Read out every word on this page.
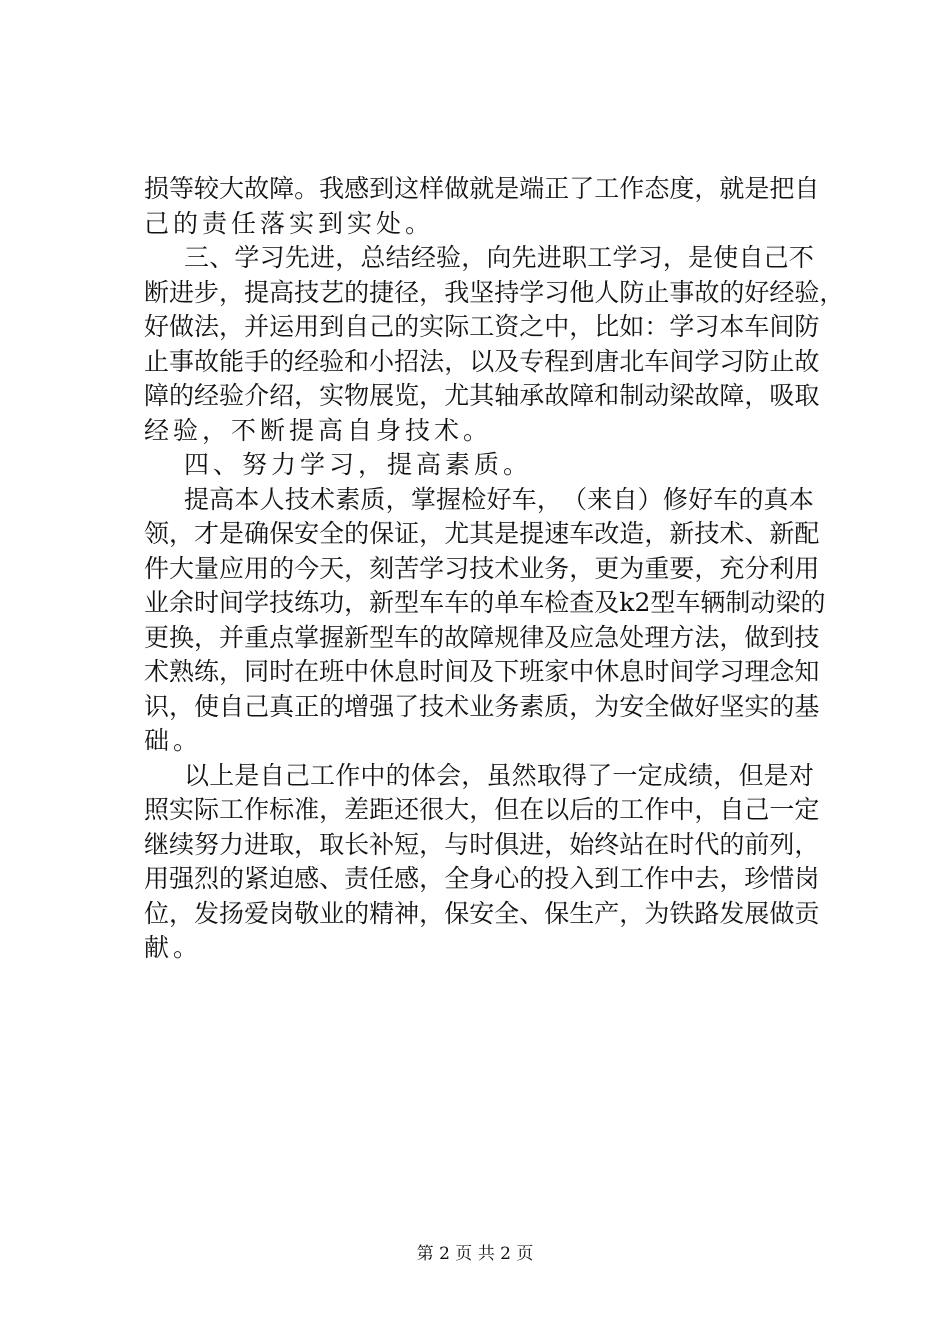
损 等 较 大 故 障 。 我 感 到 这 样 做 就 是 端 正 了 工 作 态 度 ， 就 是 把 自
己的责任落实到实处。
三 、 学 习 先 进 ， 总 结 经 验 ， 向 先 进 职 工 学 习 ， 是 使 自 己 不
断 进 步 ， 提 高 技 艺 的 捷 径 ， 我 坚 持 学 习 他 人 防 止 事 故 的 好 经 验 ，
好 做 法 ， 并 运 用 到 自 己 的 实 际 工 资 之 中 ， 比 如 ： 学 习 本 车 间 防
止 事 故 能 手 的 经 验 和 小 招 法 ， 以 及 专 程 到 唐 北 车 间 学 习 防 止 故
障 的 经 验 介 绍 ， 实 物 展 览 ， 尤 其 轴 承 故 障 和 制 动 梁 故 障 ， 吸 取
经验，不断提高自身技术。
四、努力学习，提高素质。
提 高 本 人 技 术 素 质 ， 掌 握 检 好 车 ， （ 来 自 ） 修 好 车 的 真 本
领 ， 才 是 确 保 安 全 的 保 证 ， 尤 其 是 提 速 车 改 造 ， 新 技 术 、 新 配
件 大 量 应 用 的 今 天 ， 刻 苦 学 习 技 术 业 务 ， 更 为 重 要 ， 充 分 利 用
业 余 时 间 学 技 练 功 ， 新 型 车 车 的 单 车 检 查 及 k 2 型 车 辆 制 动 梁 的
更 换 ， 并 重 点 掌 握 新 型 车 的 故 障 规 律 及 应 急 处 理 方 法 ， 做 到 技
术 熟 练 ， 同 时 在 班 中 休 息 时 间 及 下 班 家 中 休 息 时 间 学 习 理 念 知
识 ， 使 自 己 真 正 的 增 强 了 技 术 业 务 素 质 ， 为 安 全 做 好 坚 实 的 基
础。
以 上 是 自 己 工 作 中 的 体 会 ， 虽 然 取 得 了 一 定 成 绩 ， 但 是 对
照 实 际 工 作 标 准 ， 差 距 还 很 大 ， 但 在 以 后 的 工 作 中 ， 自 己 一 定
继 续 努 力 进 取 ， 取 长 补 短 ， 与 时 俱 进 ， 始 终 站 在 时 代 的 前 列 ，
用 强 烈 的 紧 迫 感 、 责 任 感 ， 全 身 心 的 投 入 到 工 作 中 去 ， 珍 惜 岗
位 ， 发 扬 爱 岗 敬 业 的 精 神 ， 保 安 全 、 保 生 产 ， 为 铁 路 发 展 做 贡
献。
第 2 页 共 2 页
